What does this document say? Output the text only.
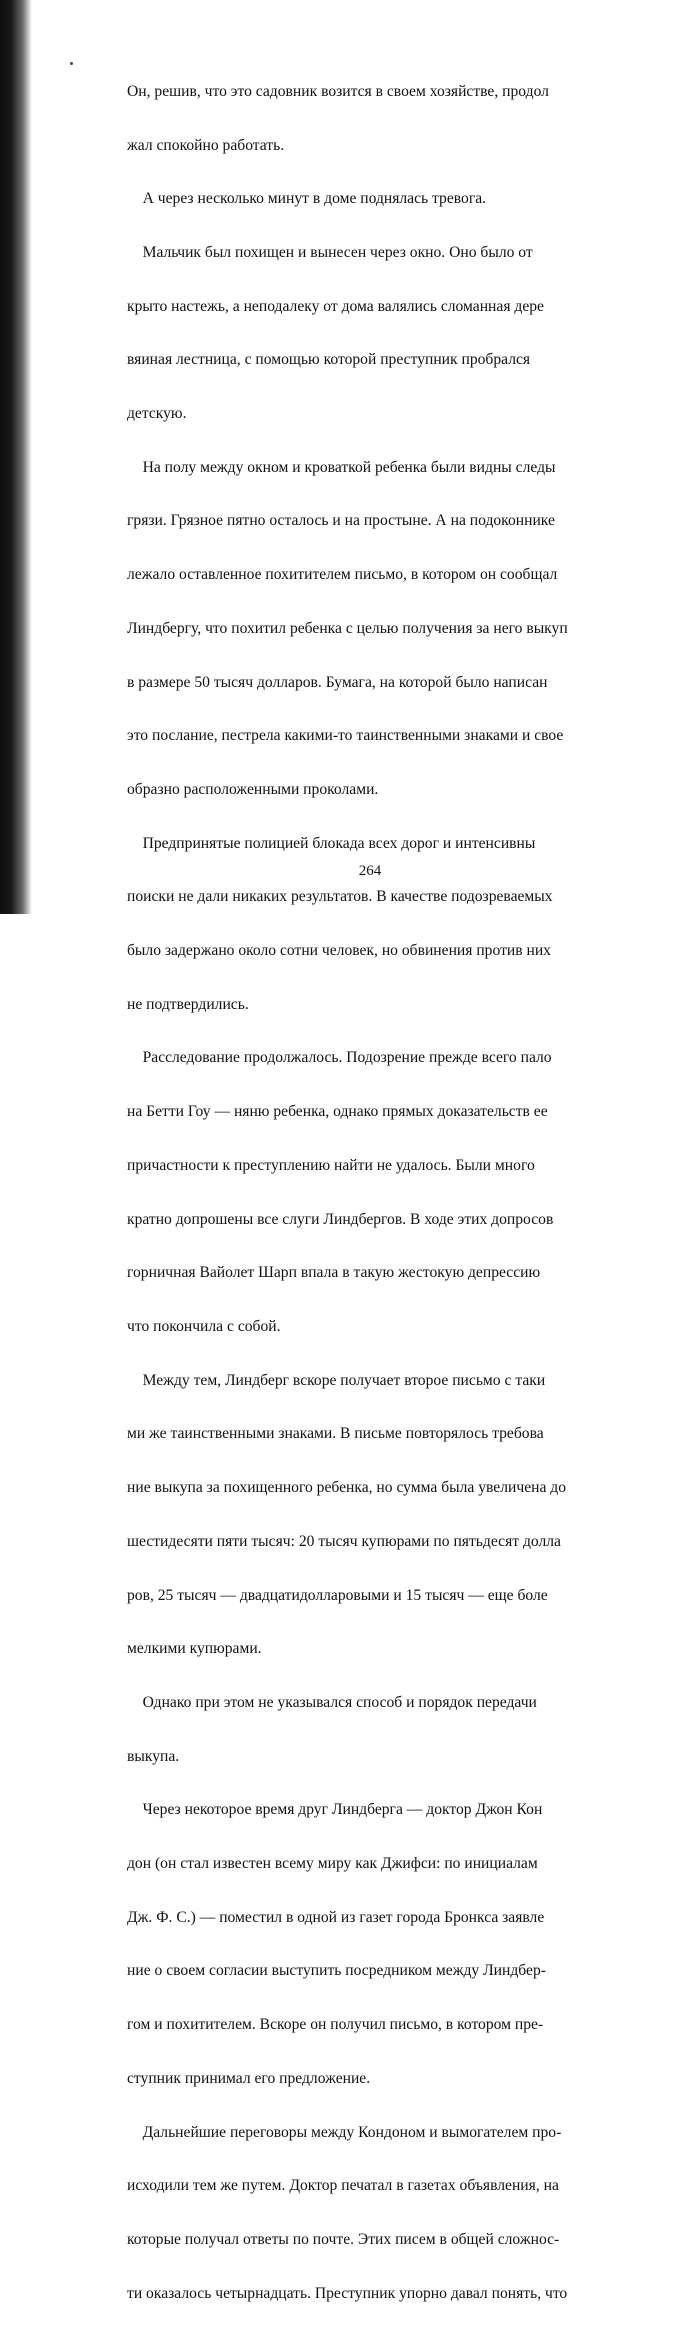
Он, решив, что это садовник возится в своем хозяйстве, продол

жал спокойно работать.

А через несколько минут в доме поднялась тревога.

Мальчик был похищен и вынесен через окно. Оно было от

крыто настежь, а неподалеку от дома валялись сломанная дере

вяиная лестница, с помощью которой преступник пробрался

детскую.

На полу между окном и кроваткой ребенка были видны следы

грязи. Грязное пятно осталось и на простыне. А на подоконнике

лежало оставленное похитителем письмо, в котором он сообщал

Линдбергу, что похитил ребенка с целью получения за него выкуп

в размере 50 тысяч долларов. Бумага, на которой было написан

это послание, пестрела какими-то таинственными знаками и свое

образно расположенными проколами.

Предпринятые полицией блокада всех дорог и интенсивны

поиски не дали никаких результатов. В качестве подозреваемых

было задержано около сотни человек, но обвинения против них

не подтвердились.

Расследование продолжалось. Подозрение прежде всего пало

на Бетти Гоу — няню ребенка, однако прямых доказательств ее

причастности к преступлению найти не удалось. Были много

кратно допрошены все слуги Линдбергов. В ходе этих допросов

горничная Вайолет Шарп впала в такую жестокую депрессию

что покончила с собой.

Между тем, Линдберг вскоре получает второе письмо с таки

ми же таинственными знаками. В письме повторялось требова

ние выкупа за похищенного ребенка, но сумма была увеличена до

шестидесяти пяти тысяч: 20 тысяч купюрами по пятьдесят долла

ров, 25 тысяч — двадцатидолларовыми и 15 тысяч — еще боле

мелкими купюрами.

Однако при этом не указывался способ и порядок передачи

выкупа.

Через некоторое время друг Линдберга — доктор Джон Кон

дон (он стал известен всему миру как Джифси: по инициалам

Дж. Ф. С.) — поместил в одной из газет города Бронкса заявле

ние о своем согласии выступить посредником между Линдбер-

гом и похитителем. Вскоре он получил письмо, в котором пре-

ступник принимал его предложение.

Дальнейшие переговоры между Кондоном и вымогателем про-

исходили тем же путем. Доктор печатал в газетах объявления, на

которые получал ответы по почте. Этих писем в общей сложнос-

ти оказалось четырнадцать. Преступник упорно давал понять, что

264
